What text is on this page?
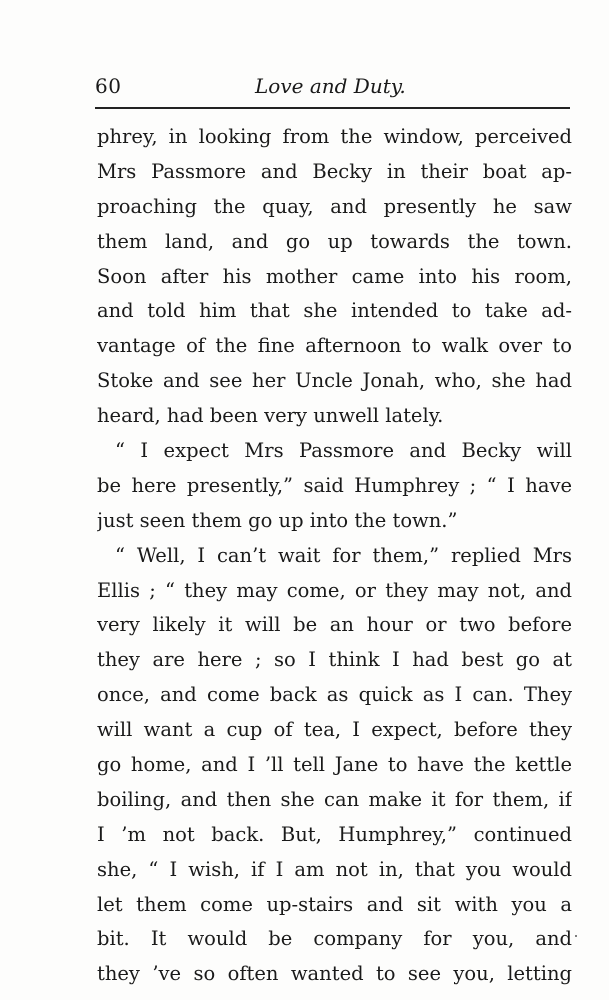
60	Love and Duty.
phrey, in looking from the window, perceived
Mrs Passmore and Becky in their boat ap-
proaching the quay, and presently he saw
them land, and go up towards the town.
Soon after his mother came into his room,
and told him that she intended to take ad-
vantage of the fine afternoon to walk over to
Stoke and see her Uncle Jonah, who, she had
heard, had been very unwell lately.
“ I expect Mrs Passmore and Becky will
be here presently,” said Humphrey ; “ I have
just seen them go up into the town.”
“ Well, I can’t wait for them,” replied Mrs
Ellis ; “ they may come, or they may not, and
very likely it will be an hour or two before
they are here ; so I think I had best go at
once, and come back as quick as I can. They
will want a cup of tea, I expect, before they
go home, and I ’ll tell Jane to have the kettle
boiling, and then she can make it for them, if
I ’m not back. But, Humphrey,” continued
she, “ I wish, if I am not in, that you would
let them come up-stairs and sit with you a
bit. It would be company for you, and
they ’ve so often wanted to see you, letting
